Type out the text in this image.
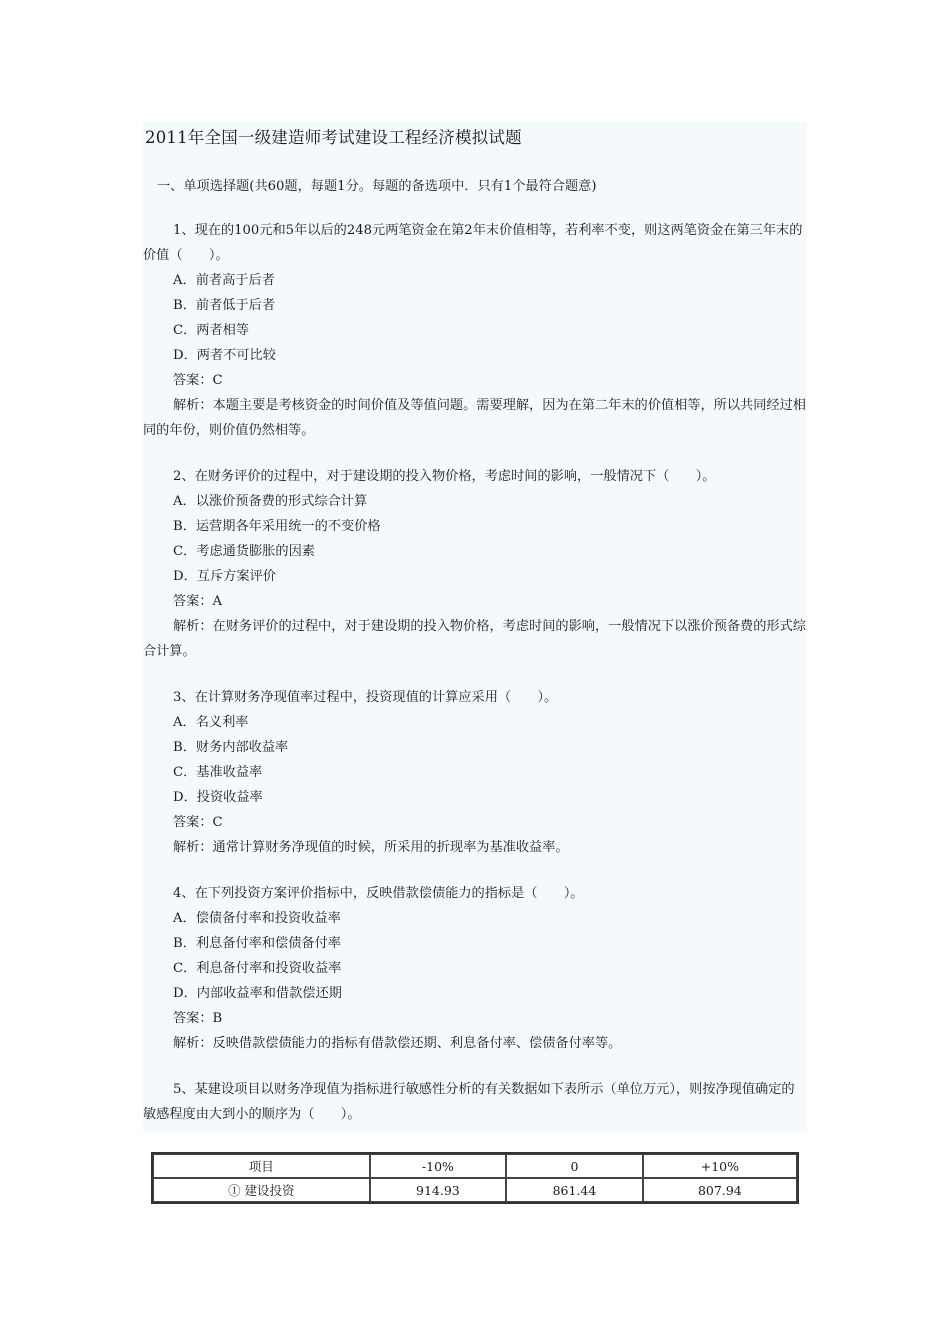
2011年全国一级建造师考试建设工程经济模拟试题
一、单项选择题(共60题，每题1分。每题的备选项中．只有1个最符合题意)

1、现在的100元和5年以后的248元两笔资金在第2年末价值相等，若利率不变，则这两笔资金在第三年末的价值（　　）。

A．前者高于后者
B．前者低于后者
C．两者相等
D．两者不可比较
答案：C

解析：本题主要是考核资金的时间价值及等值问题。需要理解，因为在第二年末的价值相等，所以共同经过相同的年份，则价值仍然相等。

2、在财务评价的过程中，对于建设期的投入物价格，考虑时间的影响，一般情况下（　　）。

A．以涨价预备费的形式综合计算
B．运营期各年采用统一的不变价格
C．考虑通货膨胀的因素
D．互斥方案评价
答案：A

解析：在财务评价的过程中，对于建设期的投入物价格，考虑时间的影响，一般情况下以涨价预备费的形式综合计算。

3、在计算财务净现值率过程中，投资现值的计算应采用（　　）。

A．名义利率
B．财务内部收益率
C．基准收益率
D．投资收益率
答案：C

解析：通常计算财务净现值的时候，所采用的折现率为基准收益率。

4、在下列投资方案评价指标中，反映借款偿债能力的指标是（　　）。

A．偿债备付率和投资收益率
B．利息备付率和偿债备付率
C．利息备付率和投资收益率
D．内部收益率和借款偿还期
答案：B

解析：反映借款偿债能力的指标有借款偿还期、利息备付率、偿债备付率等。

5、某建设项目以财务净现值为指标进行敏感性分析的有关数据如下表所示（单位万元），则按净现值确定的敏感程度由大到小的顺序为（　　）。

项目	-10%	0	+10%
① 建设投资	914.93	861.44	807.94
